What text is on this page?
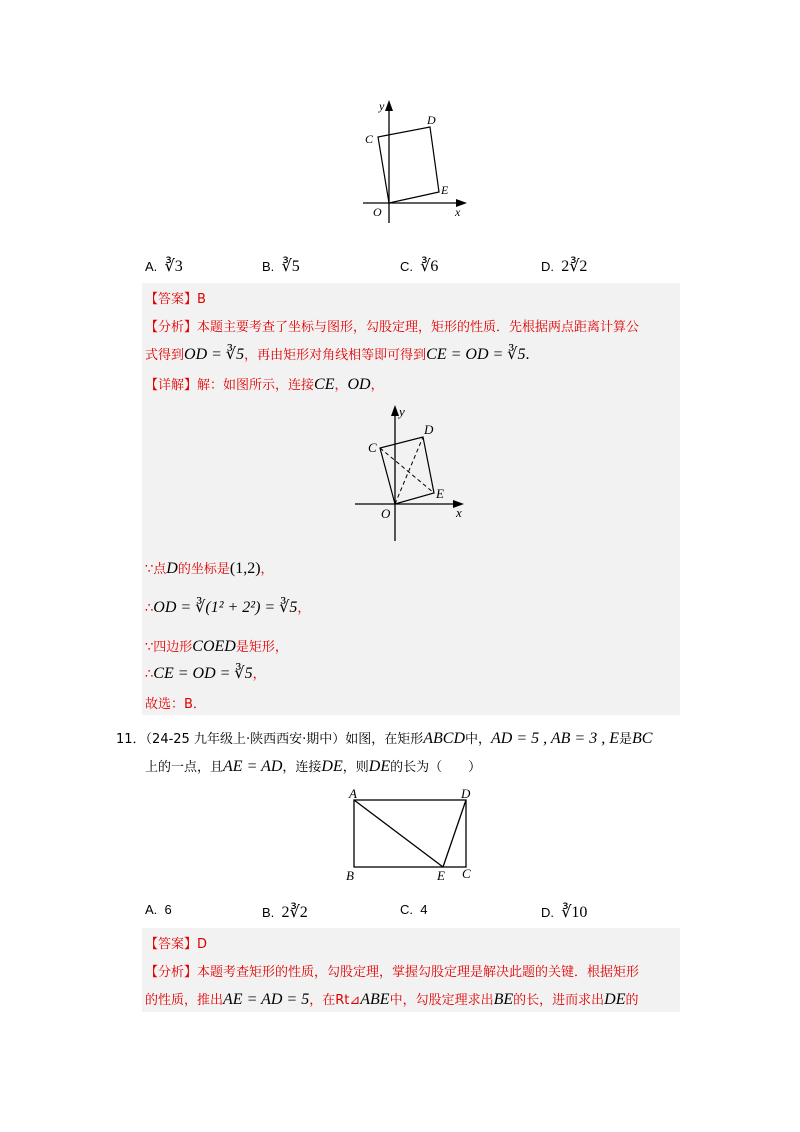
y
x
O
C
D
E
A. ∛3	B. ∛5	C. ∛6	D. 2∛2
【答案】B
【分析】本题主要考查了坐标与图形，勾股定理，矩形的性质．先根据两点距离计算公
式得到OD = ∛5，再由矩形对角线相等即可得到CE = OD = ∛5.
【详解】解：如图所示，连接CE，OD，
y
x
O
C
D
E
∵点D的坐标是(1,2)，
∴OD = ∛(1² + 2²) = ∛5，
∵四边形COED是矩形，
∴CE = OD = ∛5，
故选：B．
11．（24-25 九年级上·陕西西安·期中）如图，在矩形ABCD中，AD = 5 , AB = 3 , E是BC
上的一点，且AE = AD，连接DE，则DE的长为（　　）
A	D
B	E C
A. 6	B. 2∛2	C. 4	D. ∛10
【答案】D
【分析】本题考查矩形的性质，勾股定理，掌握勾股定理是解决此题的关键．根据矩形
的性质，推出AE = AD = 5，在Rt⊿ABE中，勾股定理求出BE的长，进而求出DE的
